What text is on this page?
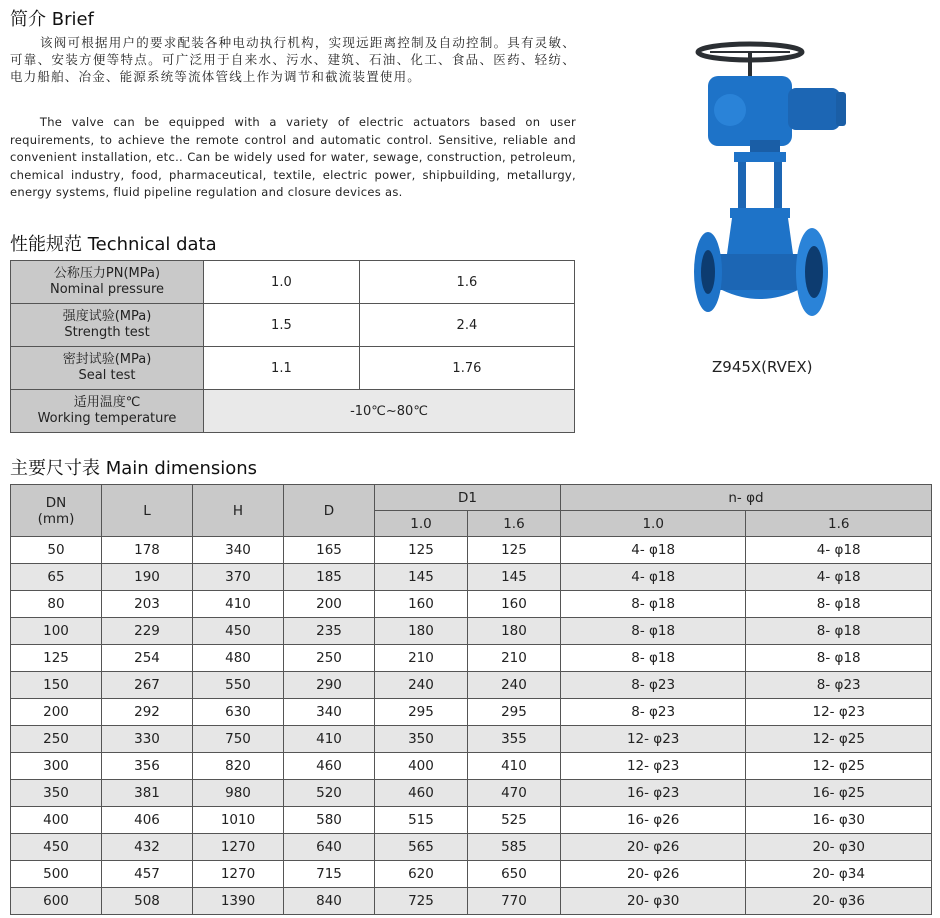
简介 Brief
该阀可根据用户的要求配装各种电动执行机构，实现远距离控制及自动控制。具有灵敏、可靠、安装方便等特点。可广泛用于自来水、污水、建筑、石油、化工、食品、医药、轻纺、电力船舶、冶金、能源系统等流体管线上作为调节和截流装置使用。
The valve can be equipped with a variety of electric actuators based on user requirements, to achieve the remote control and automatic control. Sensitive, reliable and convenient installation, etc.. Can be widely used for water, sewage, construction, petroleum, chemical industry, food, pharmaceutical, textile, electric power, shipbuilding, metallurgy, energy systems, fluid pipeline regulation and closure devices as.
Z945X(RVEX)
性能规范 Technical data
公称压力PN(MPa)
Nominal pressure	1.0	1.6
强度试验(MPa)
Strength test	1.5	2.4
密封试验(MPa)
Seal test	1.1	1.76
适用温度℃
Working temperature	-10℃~80℃	
主要尺寸表 Main dimensions
DN
(mm)	L	H	D	D1		n- φd	
				1.0	1.6	1.0	1.6
50	178	340	165	125	125	4- φ18	4- φ18
65	190	370	185	145	145	4- φ18	4- φ18
80	203	410	200	160	160	8- φ18	8- φ18
100	229	450	235	180	180	8- φ18	8- φ18
125	254	480	250	210	210	8- φ18	8- φ18
150	267	550	290	240	240	8- φ23	8- φ23
200	292	630	340	295	295	8- φ23	12- φ23
250	330	750	410	350	355	12- φ23	12- φ25
300	356	820	460	400	410	12- φ23	12- φ25
350	381	980	520	460	470	16- φ23	16- φ25
400	406	1010	580	515	525	16- φ26	16- φ30
450	432	1270	640	565	585	20- φ26	20- φ30
500	457	1270	715	620	650	20- φ26	20- φ34
600	508	1390	840	725	770	20- φ30	20- φ36
